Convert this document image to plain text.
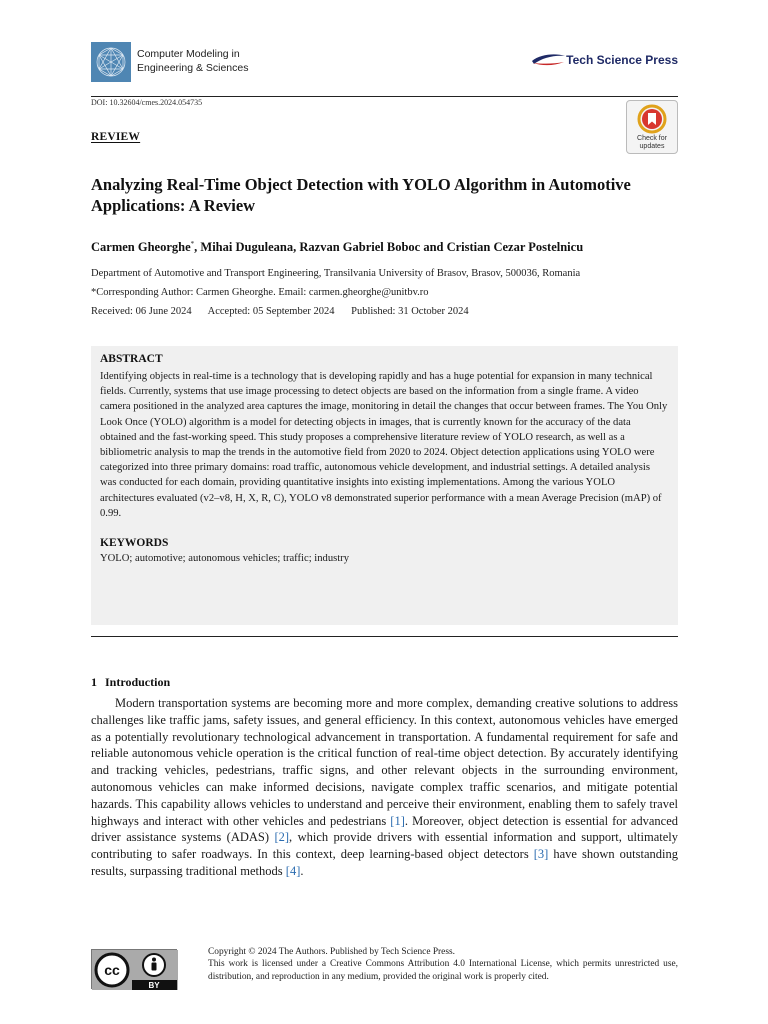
Computer Modeling in
Engineering & Sciences
Tech Science Press
DOI: 10.32604/cmes.2024.054735
REVIEW	Check for
updates
Analyzing Real-Time Object Detection with YOLO Algorithm in Automotive Applications: A Review
Carmen Gheorghe*, Mihai Duguleana, Razvan Gabriel Boboc and Cristian Cezar Postelnicu
Department of Automotive and Transport Engineering, Transilvania University of Brasov, Brasov, 500036, Romania
*Corresponding Author: Carmen Gheorghe. Email: carmen.gheorghe@unitbv.ro
Received: 06 June 2024 Accepted: 05 September 2024 Published: 31 October 2024
ABSTRACT
Identifying objects in real-time is a technology that is developing rapidly and has a huge potential for expansion in many technical fields. Currently, systems that use image processing to detect objects are based on the information from a single frame. A video camera positioned in the analyzed area captures the image, monitoring in detail the changes that occur between frames. The You Only Look Once (YOLO) algorithm is a model for detecting objects in images, that is currently known for the accuracy of the data obtained and the fast-working speed. This study proposes a comprehensive literature review of YOLO research, as well as a bibliometric analysis to map the trends in the automotive field from 2020 to 2024. Object detection applications using YOLO were categorized into three primary domains: road traffic, autonomous vehicle development, and industrial settings. A detailed analysis was conducted for each domain, providing quantitative insights into existing implementations. Among the various YOLO architectures evaluated (v2–v8, H, X, R, C), YOLO v8 demonstrated superior performance with a mean Average Precision (mAP) of 0.99.
KEYWORDS
YOLO; automotive; autonomous vehicles; traffic; industry
1 Introduction

Modern transportation systems are becoming more and more complex, demanding creative solutions to address challenges like traffic jams, safety issues, and general efficiency. In this context, autonomous vehicles have emerged as a potentially revolutionary technological advancement in transportation. A fundamental requirement for safe and reliable autonomous vehicle operation is the critical function of real-time object detection. By accurately identifying and tracking vehicles, pedestrians, traffic signs, and other relevant objects in the surrounding environment, autonomous vehicles can make informed decisions, navigate complex traffic scenarios, and mitigate potential hazards. This capability allows vehicles to understand and perceive their environment, enabling them to safely travel highways and interact with other vehicles and pedestrians [1]. Moreover, object detection is essential for advanced driver assistance systems (ADAS) [2], which provide drivers with essential information and support, ultimately contributing to safer roadways. In this context, deep learning-based object detectors [3] have shown outstanding results, surpassing traditional methods [4].

cc
BY
Copyright © 2024 The Authors. Published by Tech Science Press.
This work is licensed under a Creative Commons Attribution 4.0 International License, which permits unrestricted use, distribution, and reproduction in any medium, provided the original work is properly cited.
